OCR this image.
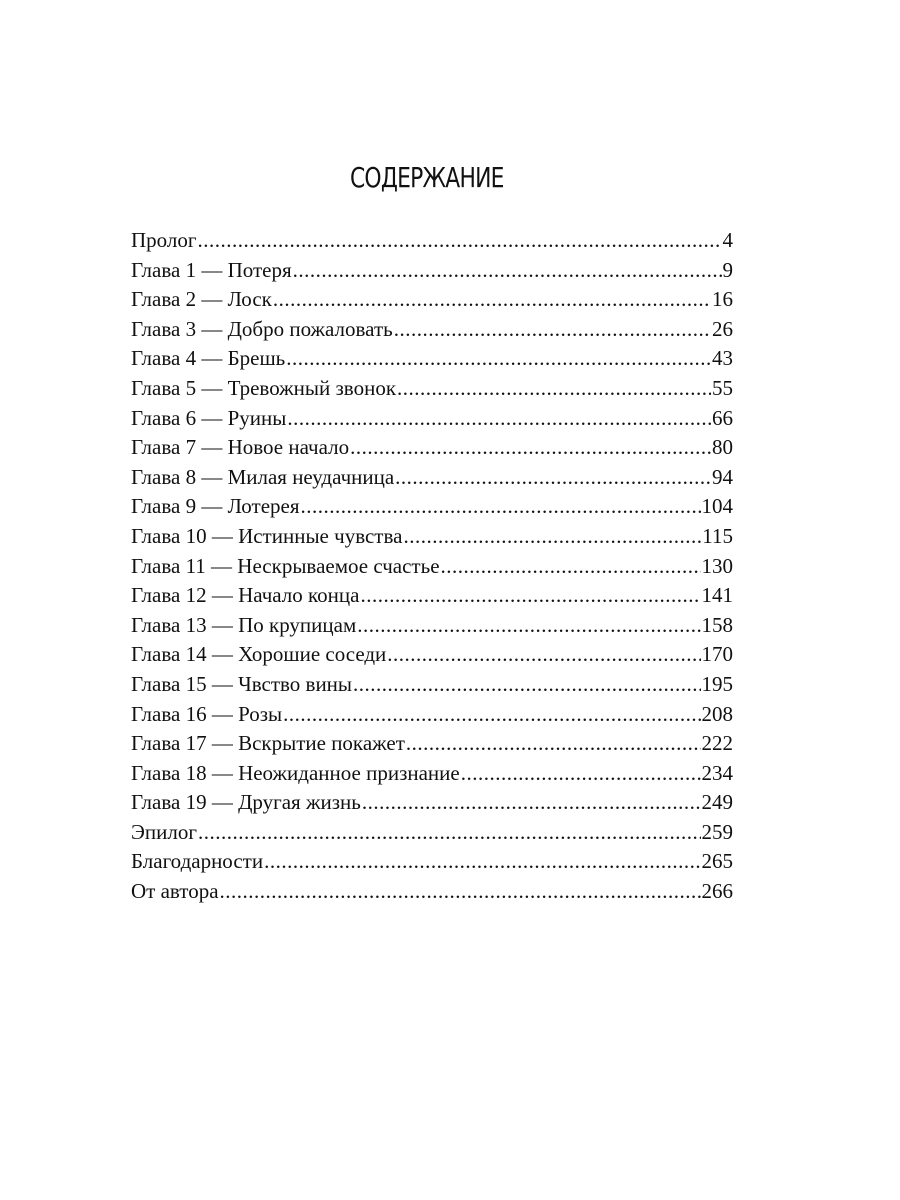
СОДЕРЖАНИЕ
Пролог .....	4
Глава 1 — Потеря .....	9
Глава 2 — Лоск .....	16
Глава 3 — Добро пожаловать .....	26
Глава 4 — Брешь .....	43
Глава 5 — Тревожный звонок .....	55
Глава 6 — Руины .....	66
Глава 7 — Новое начало .....	80
Глава 8 — Милая неудачница .....	94
Глава 9 — Лотерея .....	104
Глава 10 — Истинные чувства .....	115
Глава 11 — Нескрываемое счастье .....	130
Глава 12 — Начало конца .....	141
Глава 13 — По крупицам .....	158
Глава 14 — Хорошие соседи .....	170
Глава 15 — Чвство вины .....	195
Глава 16 — Розы .....	208
Глава 17 — Вскрытие покажет .....	222
Глава 18 — Неожиданное признание .....	234
Глава 19 — Другая жизнь .....	249
Эпилог .....	259
Благодарности .....	265
От автора .....	266
